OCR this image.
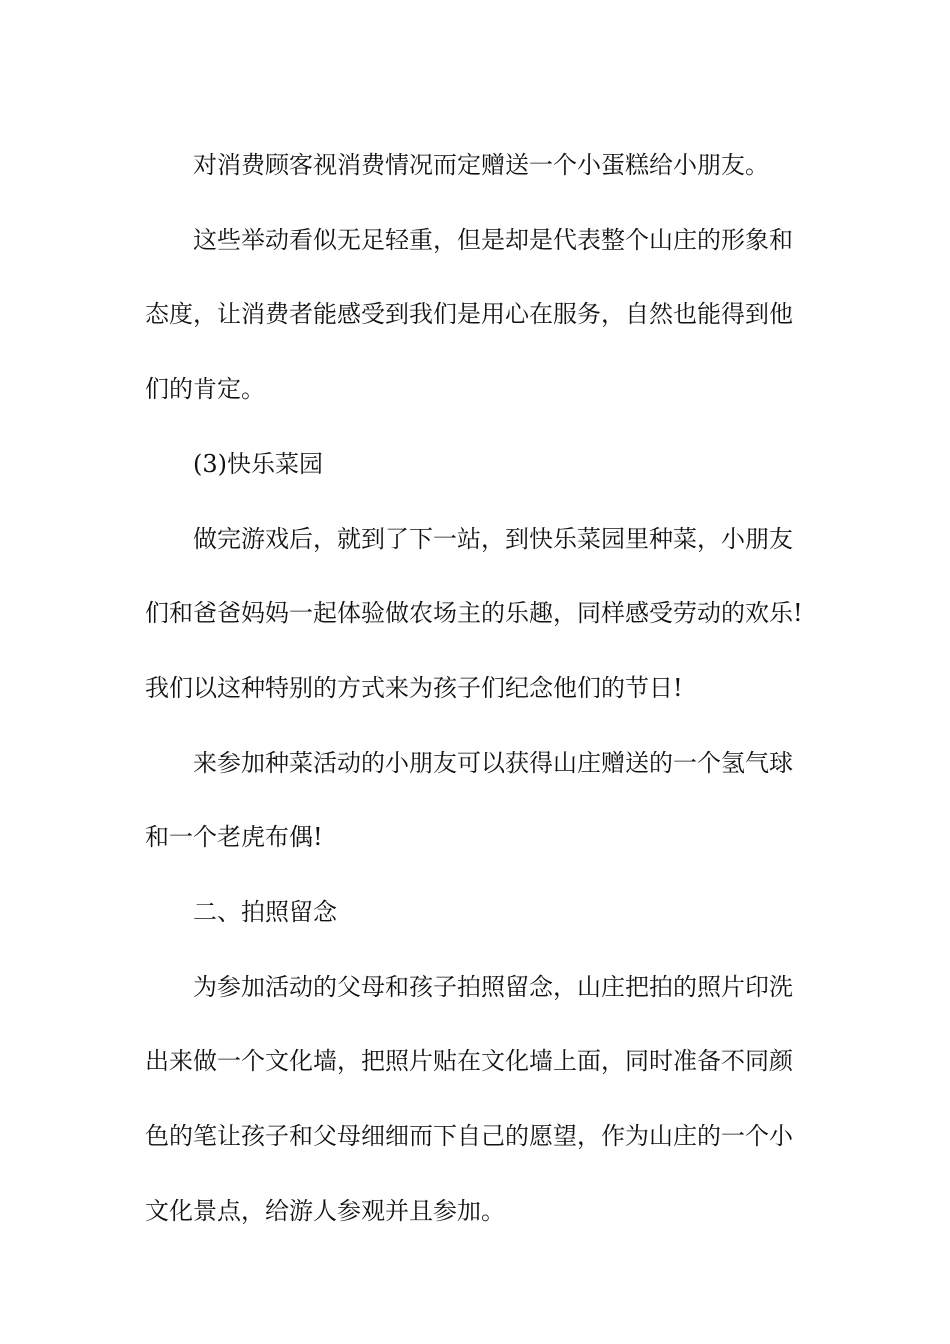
对消费顾客视消费情况而定赠送一个小蛋糕给小朋友。
这些举动看似无足轻重，但是却是代表整个山庄的形象和
态度，让消费者能感受到我们是用心在服务，自然也能得到他
们的肯定。
(3)快乐菜园
做完游戏后，就到了下一站，到快乐菜园里种菜，小朋友
们和爸爸妈妈一起体验做农场主的乐趣，同样感受劳动的欢乐!
我们以这种特别的方式来为孩子们纪念他们的节日!
来参加种菜活动的小朋友可以获得山庄赠送的一个氢气球
和一个老虎布偶!
二、拍照留念
为参加活动的父母和孩子拍照留念，山庄把拍的照片印洗
出来做一个文化墙，把照片贴在文化墙上面，同时准备不同颜
色的笔让孩子和父母细细而下自己的愿望，作为山庄的一个小
文化景点，给游人参观并且参加。
